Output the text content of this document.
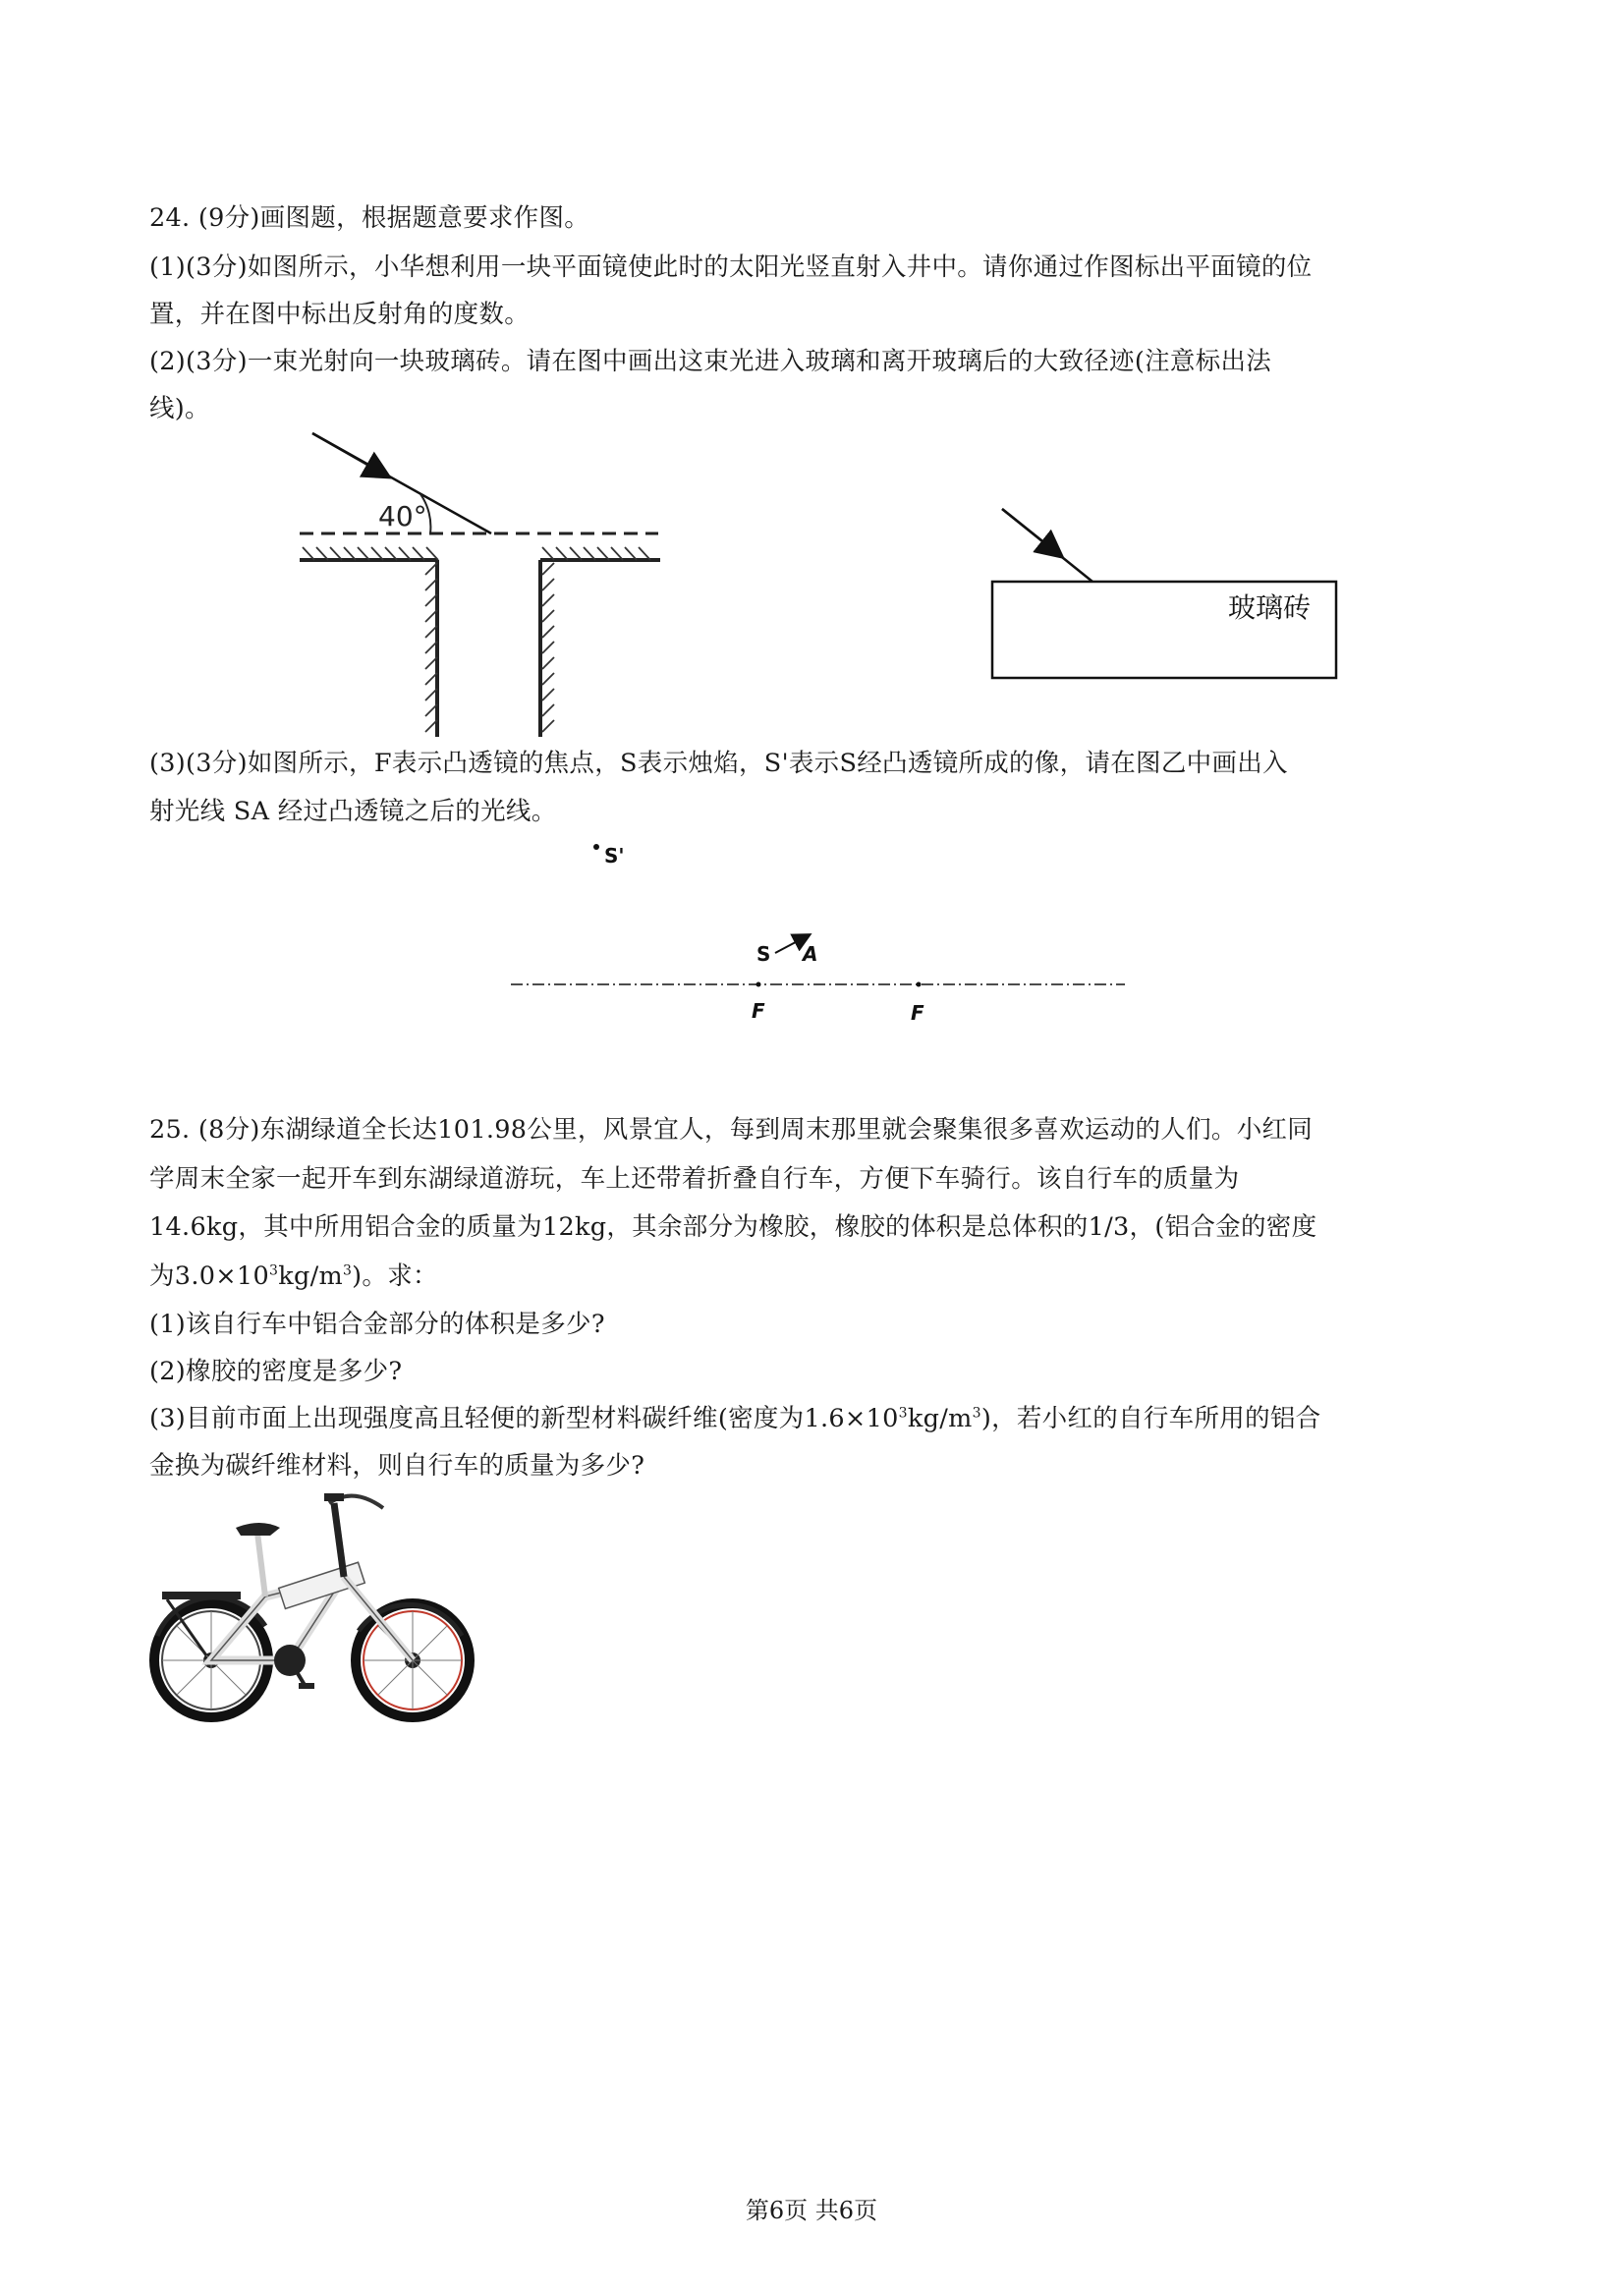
24. (9分)画图题，根据题意要求作图。
(1)(3分)如图所示，小华想利用一块平面镜使此时的太阳光竖直射入井中。请你通过作图标出平面镜的位
置，并在图中标出反射角的度数。
(2)(3分)一束光射向一块玻璃砖。请在图中画出这束光进入玻璃和离开玻璃后的大致径迹(注意标出法
线)。
40°
玻璃砖
(3)(3分)如图所示，F表示凸透镜的焦点，S表示烛焰，S'表示S经凸透镜所成的像，请在图乙中画出入
射光线 SA 经过凸透镜之后的光线。
S'
S A
F	F
25. (8分)东湖绿道全长达101.98公里，风景宜人，每到周末那里就会聚集很多喜欢运动的人们。小红同
学周末全家一起开车到东湖绿道游玩，车上还带着折叠自行车，方便下车骑行。该自行车的质量为
14.6kg，其中所用铝合金的质量为12kg，其余部分为橡胶，橡胶的体积是总体积的1/3，(铝合金的密度
为$3.0\times 10^3kg/m^3$)。求：
(1)该自行车中铝合金部分的体积是多少?
(2)橡胶的密度是多少?
(3)目前市面上出现强度高且轻便的新型材料碳纤维(密度为$1.6\times 10^3kg/m^3$)，若小红的自行车所用的铝合
金换为碳纤维材料，则自行车的质量为多少?
第6页 共6页
